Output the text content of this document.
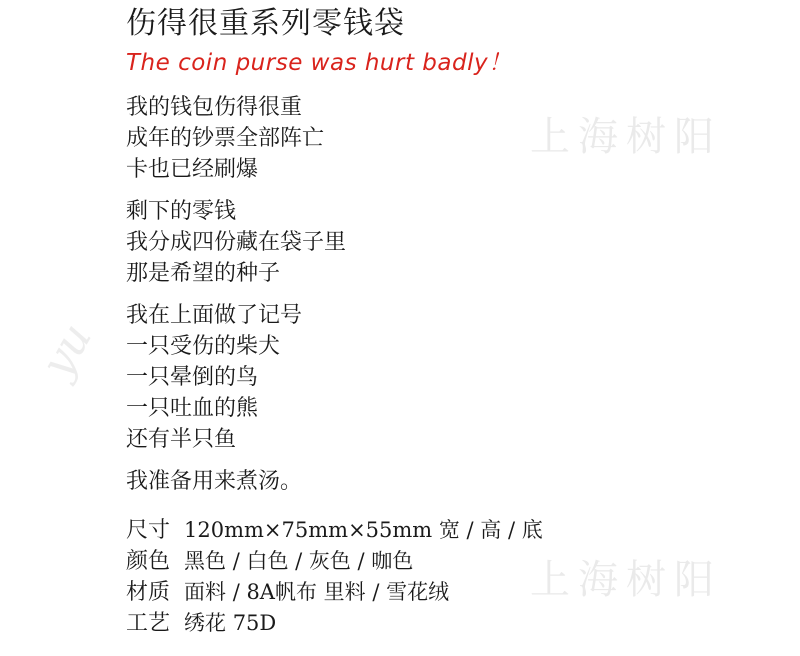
伤得很重系列零钱袋
The coin purse was hurt badly！
我的钱包伤得很重
成年的钞票全部阵亡
卡也已经刷爆
剩下的零钱
我分成四份藏在袋子里
那是希望的种子
我在上面做了记号
一只受伤的柴犬
一只晕倒的鸟
一只吐血的熊
还有半只鱼
我准备用来煮汤。
尺寸 120mm×75mm×55mm 宽 / 高 / 底
颜色 黑色 / 白色 / 灰色 / 咖色
材质 面料 / 8A帆布 里料 / 雪花绒
工艺 绣花 75D
上海树阳
上海树阳
yu
